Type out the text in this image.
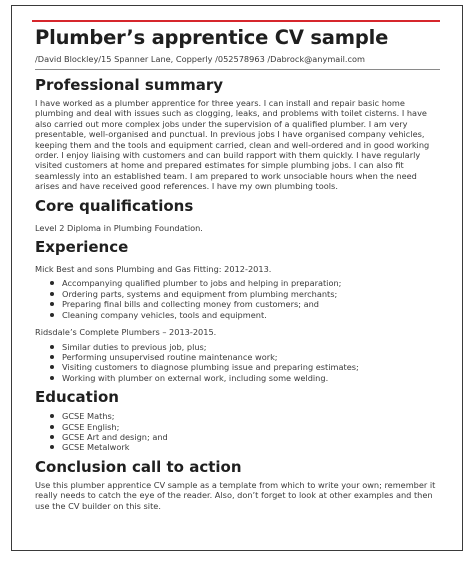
Plumber’s apprentice CV sample
/David Blockley/15 Spanner Lane, Copperly /052578963 /Dabrock@anymail.com
Professional summary

I have worked as a plumber apprentice for three years. I can install and repair basic home plumbing and deal with issues such as clogging, leaks, and problems with toilet cisterns. I have also carried out more complex jobs under the supervision of a qualified plumber. I am very presentable, well-organised and punctual. In previous jobs I have organised company vehicles, keeping them and the tools and equipment carried, clean and well-ordered and in good working order. I enjoy liaising with customers and can build rapport with them quickly. I have regularly visited customers at home and prepared estimates for simple plumbing jobs. I can also fit seamlessly into an established team. I am prepared to work unsociable hours when the need arises and have received good references. I have my own plumbing tools.

Core qualifications

Level 2 Diploma in Plumbing Foundation.

Experience

Mick Best and sons Plumbing and Gas Fitting: 2012-2013.

Accompanying qualified plumber to jobs and helping in preparation;
Ordering parts, systems and equipment from plumbing merchants;
Preparing final bills and collecting money from customers; and
Cleaning company vehicles, tools and equipment.

Ridsdale’s Complete Plumbers – 2013-2015.

Similar duties to previous job, plus;
Performing unsupervised routine maintenance work;
Visiting customers to diagnose plumbing issue and preparing estimates;
Working with plumber on external work, including some welding.
Education
GCSE Maths;
GCSE English;
GCSE Art and design; and
GCSE Metalwork
Conclusion call to action

Use this plumber apprentice CV sample as a template from which to write your own; remember it really needs to catch the eye of the reader. Also, don’t forget to look at other examples and then use the CV builder on this site.
